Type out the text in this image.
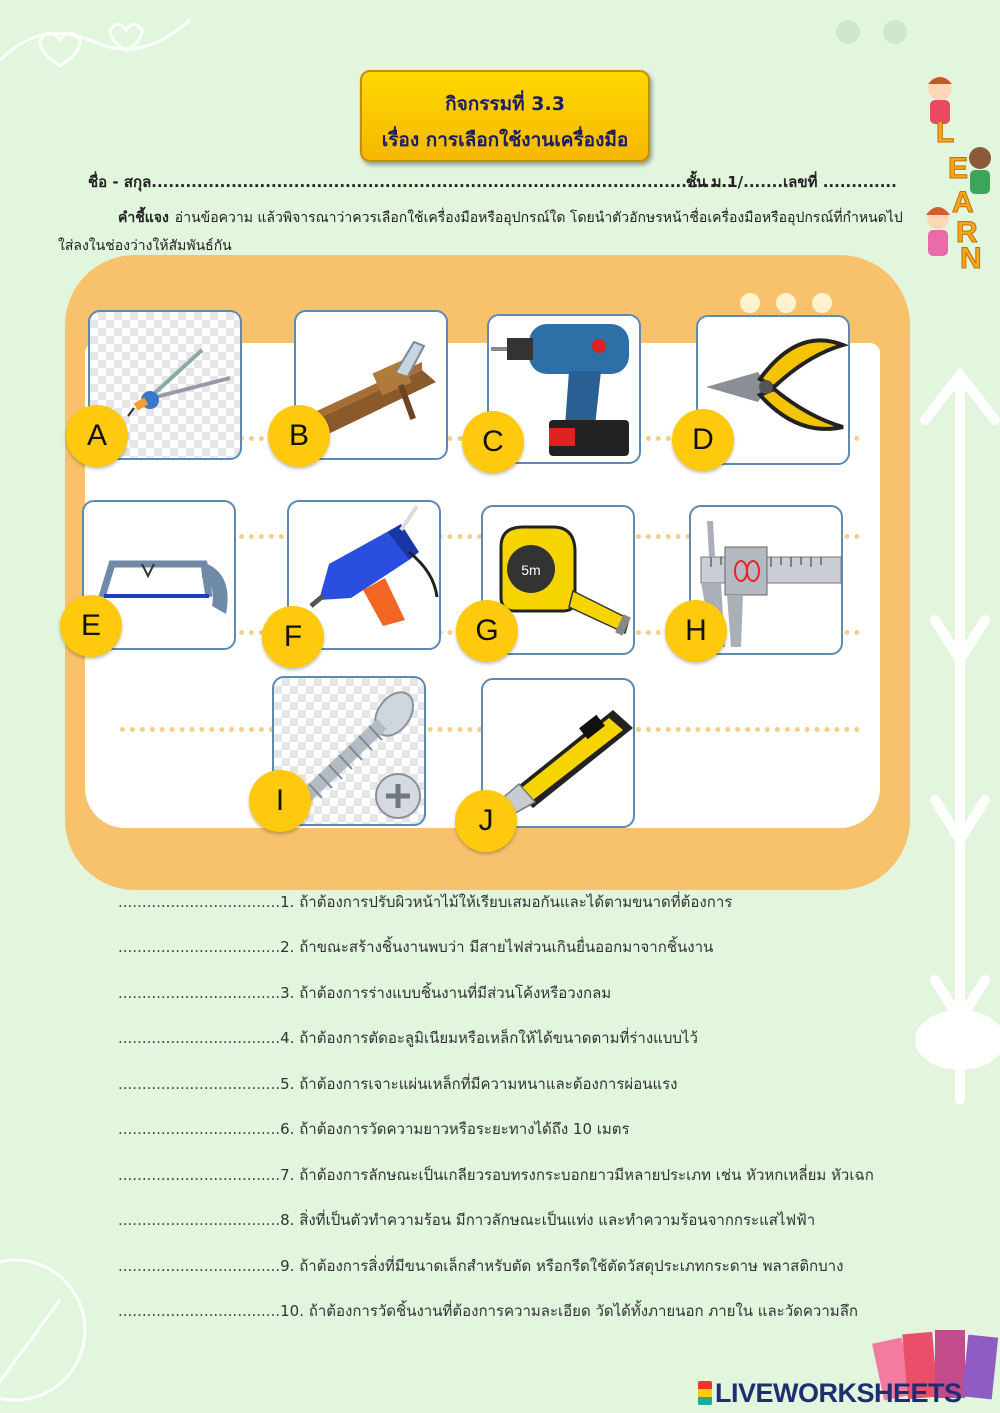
L
E
A
R
N
กิจกรรมที่ 3.3
เรื่อง การเลือกใช้งานเครื่องมือ
ชื่อ - สกุล......................................................................................................
ชั้น ม.1/.......เลขที่ .............
คำชี้แจง อ่านข้อความ แล้วพิจารณาว่าควรเลือกใช้เครื่องมือหรืออุปกรณ์ใด โดยนำตัวอักษรหน้าชื่อเครื่องมือหรืออุปกรณ์ที่กำหนดไปใส่ลงในช่องว่างให้สัมพันธ์กัน
5m
A	B	C	D
E	F	G	H
I
J
..................................1. ถ้าต้องการปรับผิวหน้าไม้ให้เรียบเสมอกันและได้ตามขนาดที่ต้องการ
..................................2. ถ้าขณะสร้างชิ้นงานพบว่า มีสายไฟส่วนเกินยื่นออกมาจากชิ้นงาน
..................................3. ถ้าต้องการร่างแบบชิ้นงานที่มีส่วนโค้งหรือวงกลม
..................................4. ถ้าต้องการตัดอะลูมิเนียมหรือเหล็กให้ได้ขนาดตามที่ร่างแบบไว้
..................................5. ถ้าต้องการเจาะแผ่นเหล็กที่มีความหนาและต้องการผ่อนแรง
..................................6. ถ้าต้องการวัดความยาวหรือระยะทางได้ถึง 10 เมตร
..................................7. ถ้าต้องการลักษณะเป็นเกลียวรอบทรงกระบอกยาวมีหลายประเภท เช่น หัวหกเหลี่ยม หัวเฉก
..................................8. สิ่งที่เป็นตัวทำความร้อน มีกาวลักษณะเป็นแท่ง และทำความร้อนจากกระแสไฟฟ้า
..................................9. ถ้าต้องการสิ่งที่มีขนาดเล็กสำหรับตัด หรือกรีดใช้ตัดวัสดุประเภทกระดาษ พลาสติกบาง
..................................10. ถ้าต้องการวัดชิ้นงานที่ต้องการความละเอียด วัดได้ทั้งภายนอก ภายใน และวัดความลึก
LIVEWORKSHEETS
